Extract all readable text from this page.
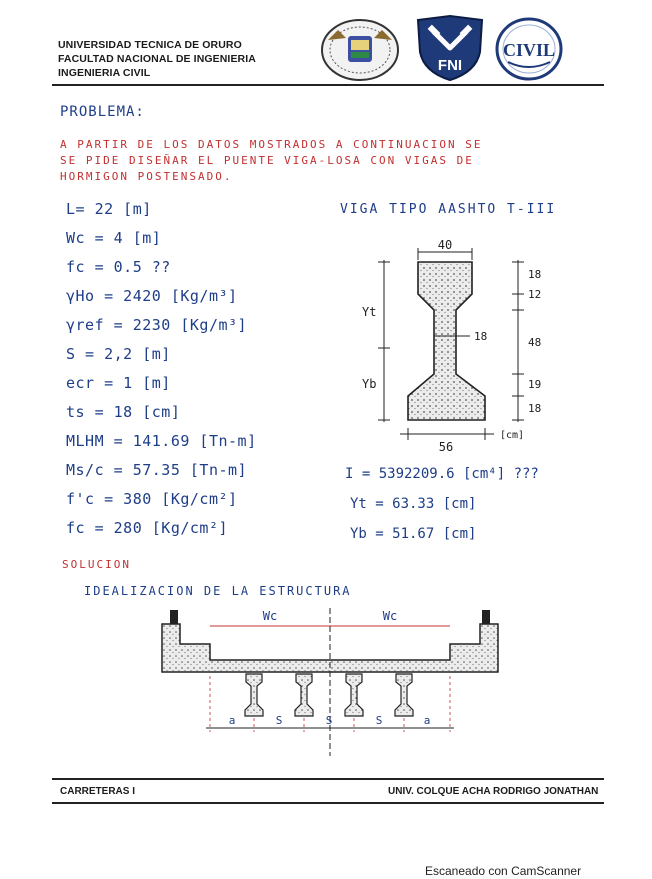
UNIVERSIDAD TECNICA DE ORURO
FACULTAD NACIONAL DE INGENIERIA
INGENIERIA CIVIL	FNI
CIVIL
PROBLEMA:
A PARTIR DE LOS DATOS MOSTRADOS A CONTINUACION SE
SE PIDE DISEÑAR EL PUENTE VIGA-LOSA CON VIGAS DE
HORMIGON POSTENSADO.
L= 22 [m]
Wc = 4 [m]
fc = 0.5 ??
γHo = 2420 [Kg/m³]
γref = 2230 [Kg/m³]
S = 2,2 [m]
ecr = 1 [m]
ts = 18 [cm]
MLHM = 141.69 [Tn-m]
Ms/c = 57.35 [Tn-m]
f'c = 380 [Kg/cm²]
fc = 280 [Kg/cm²]
VIGA TIPO AASHTO T-III
40
Yt
Yb
18
12
48
19
18
18
56
[cm]
I = 5392209.6 [cm⁴] ???
Yt = 63.33 [cm]
Yb = 51.67 [cm]
SOLUCION
IDEALIZACION DE LA ESTRUCTURA
Wc	Wc
a	S	S	S	a
CARRETERAS I	UNIV. COLQUE ACHA RODRIGO JONATHAN
Escaneado con CamScanner
